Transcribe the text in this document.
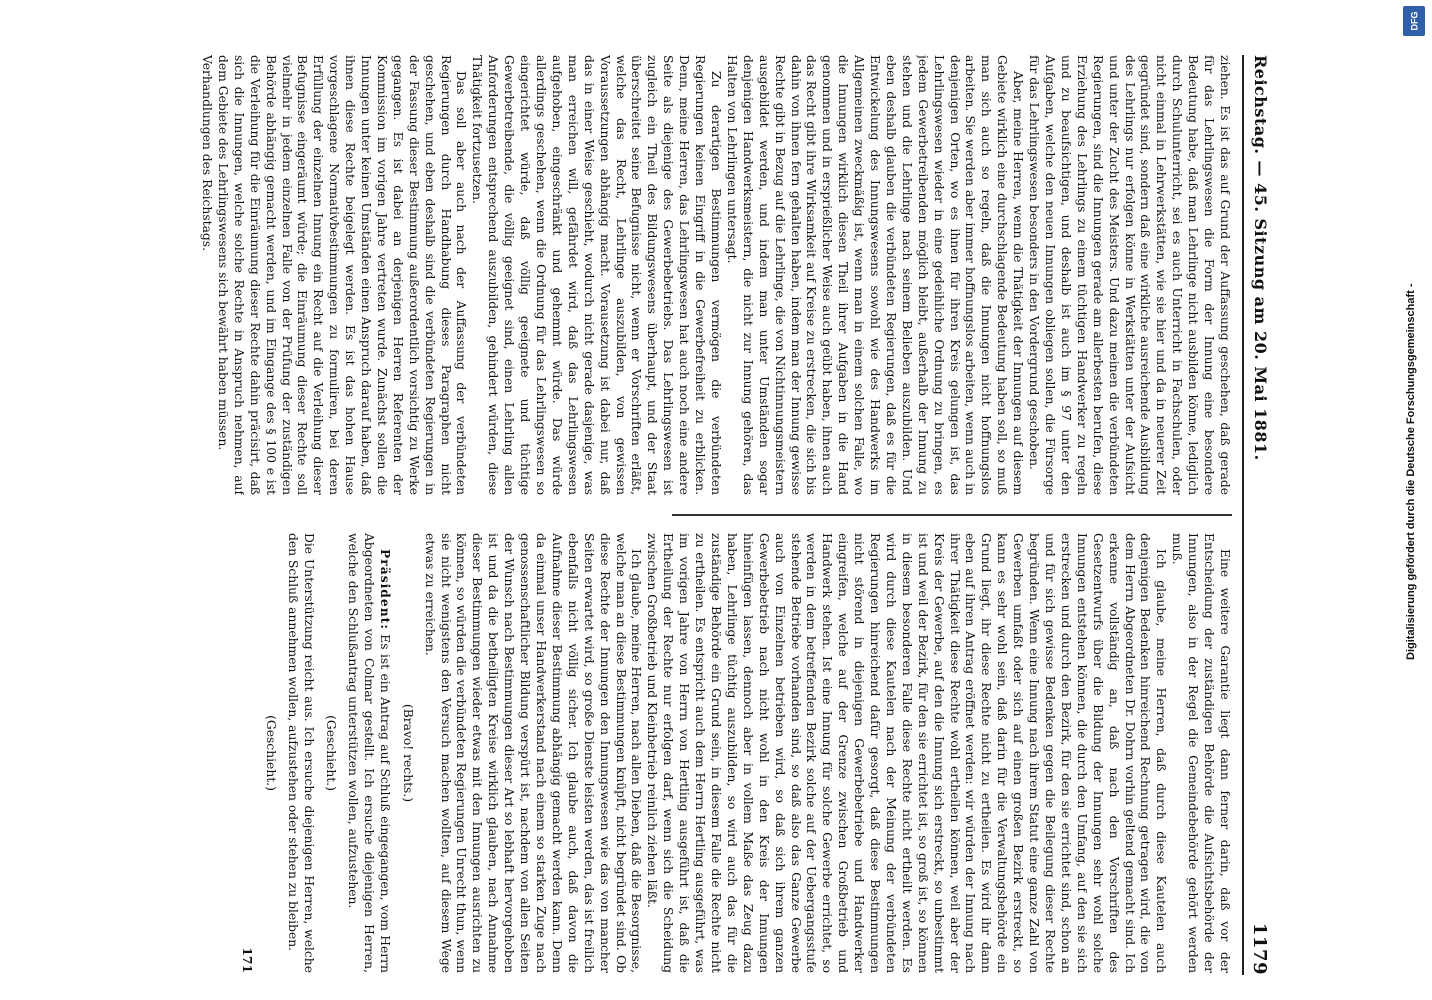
Reichstag. — 45. Sitzung am 20. Mai 1881.
1179

ziehen. Es ist das auf Grund der Auffassung geschehen, daß gerade für das Lehrlingswesen die Form der Innung eine besondere Bedeutung habe, daß man Lehrlinge nicht ausbilden könne, lediglich durch Schulunterricht, sei es auch Unterricht in Fachschulen, oder nicht einmal in Lehrwerkstätten, wie sie hier und da in neuerer Zeit gegründet sind, sondern daß eine wirkliche ausreichende Ausbildung des Lehrlings nur erfolgen könne in Werkstätten unter der Aufsicht und unter der Zucht des Meisters. Und dazu meinen die verbündeten Regierungen, sind die Innungen gerade am allerbesten berufen, diese Erziehung des Lehrlings zu einem tüchtigen Handwerker zu regeln und zu beaufsichtigen, und deshalb ist auch im § 97 unter den Aufgaben, welche den neuen Innungen obliegen sollen, die Fürsorge für das Lehrlingswesen besonders in den Vordergrund geschoben.

Aber, meine Herren, wenn die Thätigkeit der Innungen auf diesem Gebiete wirklich eine durchschlagende Bedeutung haben soll, so muß man sich auch so regeln, daß die Innungen nicht hoffnungslos arbeiten. Sie werden aber immer hoffnungslos arbeiten, wenn auch in denjenigen Orten, wo es ihnen für ihren Kreis gelungen ist, das Lehrlingswesen wieder in eine gedeihliche Ordnung zu bringen, es jedem Gewerbetreibenden möglich bleibt, außerhalb der Innung zu stehen und die Lehrlinge nach seinem Belieben auszubilden. Und eben deshalb glauben die verbündeten Regierungen, daß es für die Entwickelung des Innungswesens sowohl wie des Handwerks im Allgemeinen zweckmäßig ist, wenn man in einem solchen Falle, wo die Innungen wirklich diesen Theil ihrer Aufgaben in die Hand genommen und in ersprießlicher Weise auch geübt haben, ihnen auch das Recht gibt ihre Wirksamkeit auf Kreise zu erstrecken, die sich bis dahin von ihnen fern gehalten haben, indem man der Innung gewisse Rechte gibt in Bezug auf die Lehrlinge, die von Nichtinnungsmeistern ausgebildet werden, und indem man unter Umständen sogar denjenigen Handwerksmeistern, die nicht zur Innung gehören, das Halten von Lehrlingen untersagt.

Zu derartigen Bestimmungen vermögen die verbündeten Regierungen keinen Eingriff in die Gewerbefreiheit zu erblicken. Denn, meine Herren, das Lehrlingswesen hat auch noch eine andere Seite als diejenige des Gewerbebetriebs. Das Lehrlingswesen ist zugleich ein Theil des Bildungswesens überhaupt, und der Staat überschreitet seine Befugnisse nicht, wenn er Vorschriften erläßt, welche das Recht, Lehrlinge auszubilden, von gewissen Voraussetzungen abhängig macht. Vorausetzung ist dabei nur, daß das in einer Weise geschieht, wodurch nicht gerade dasjenige, was man erreichen will, gefährdet wird, daß das Lehrlingswesen aufgehoben, eingeschränkt und gehemmt würde. Das würde allerdings geschehen, wenn die Ordnung für das Lehrlingswesen so eingerichtet würde, daß völlig geeignete und tüchtige Gewerbetreibende, die völlig geeignet sind, einen Lehrling allen Anforderungen entsprechend auszubilden, gehindert würden, diese Thätigkeit fortzusetzen.

Das soll aber auch nach der Auffassung der verbündeten Regierungen durch Handhabung dieses Paragraphen nicht geschehen, und eben deshalb sind die verbündeten Regierungen in der Fassung dieser Bestimmung außerordentlich vorsichtig zu Werke gegangen. Es ist dabei an derjenigen Herren Referenten der Kommission im vorigen Jahre vertreten wurde. Zunächst sollen die Innungen unter keinen Umständen einen Anspruch darauf haben, daß ihnen diese Rechte beigelegt werden. Es ist das hohen Hause vorgeschlagene Normativbestimmungen zu formuliren, bei deren Erfüllung der einzelnen Innung ein Recht auf die Verleihung dieser Befugnisse eingeräumt würde; die Einräumung dieser Rechte soll vielmehr in jedem einzelnen Falle von der Prüfung der zuständigen Behörde abhängig gemacht werden, und im Eingange des § 100 e ist die Verleihung für die Einräumung dieser Rechte dahin präcisirt, daß sich die Innungen, welche solche Rechte in Anspruch nehmen, auf dem Gebiete des Lehrlingswesens sich bewährt haben müssen.

Verhandlungen des Reichstags.

Eine weitere Garantie liegt dann ferner darin, daß vor der Entscheidung der zuständigen Behörde die Aufsichtsbehörde der Innungen, also in der Regel die Gemeindebehörde gehört werden muß.

Ich glaube, meine Herren, daß durch diese Kautelen auch denjenigen Bedenken hinreichend Rechnung getragen wird, die von dem Herrn Abgeordneten Dr. Dohrn vorhin geltend gemacht sind. Ich erkenne vollständig an, daß nach den Vorschriften des Gesetzentwurfs über die Bildung der Innungen sehr wohl solche Innungen entstehen können, die durch den Umfang, auf den sie sich erstrecken und durch den Bezirk, für den sie errichtet sind, schon an und für sich gewisse Bedenken gegen die Beilegung dieser Rechte begründen. Wenn eine Innung nach ihrem Statut eine ganze Zahl von Gewerben umfaßt oder sich auf einen großen Bezirk erstreckt, so kann es sehr wohl sein, daß darin für die Verwaltungsbehörde ein Grund liegt, ihr diese Rechte nicht zu ertheilen. Es wird ihr dann eben auf ihren Antrag eröffnet werden: wir würden der Innung nach ihrer Thätigkeit diese Rechte wohl ertheilen können, weil aber der Kreis der Gewerbe, auf den die Innung sich erstreckt, so unbestimmt ist und weil der Bezirk, für den sie errichtet ist, so groß ist, so können in diesem besonderen Falle diese Rechte nicht ertheilt werden. Es wird durch diese Kautelen nach der Meinung der verbündeten Regierungen hinreichend dafür gesorgt, daß diese Bestimmungen nicht störend in diejenigen Gewerbebetriebe und Handwerker eingreifen, welche auf der Grenze zwischen Großbetrieb und Handwerk stehen. Ist eine Innung für solche Gewerbe errichtet, so werden in dem betreffenden Bezirk solche auf der Uebergangsstufe stehende Betriebe vorhanden sind, so daß also das Ganze Gewerbe auch von Einzelnen betrieben wird, so daß sich ihrem ganzen Gewerbebetrieb nach nicht wohl in den Kreis der Innungen hineinfügen lassen, dennoch aber in vollem Maße das Zeug dazu haben, Lehrlinge tüchtig auszubilden, so wird auch das für die zuständige Behörde ein Grund sein, in diesem Falle die Rechte nicht zu ertheilen. Es entspricht auch dem Herrn Hertling ausgeführt, was im vorigen Jahre von Herrn von Hertling ausgeführt ist, daß die Ertheilung der Rechte nur erfolgen darf, wenn sich die Scheidung zwischen Großbetrieb und Kleinbetrieb reinlich ziehen läßt.

Ich glaube, meine Herren, nach allen Dieben, daß die Besorgnisse, welche man an diese Bestimmungen knüpft, nicht begründet sind. Ob diese Rechte der Innungen den Innungswesen wie das von mancher Seiten erwartet wird, so große Dienste leisten werden, das ist freilich ebenfalls nicht völlig sicher. Ich glaube auch, daß davon die Aufnahme dieser Bestimmung abhängig gemacht werden kann. Denn da einmal unser Handwerkerstand nach einem so starken Zuge nach genossenschaftlicher Bildung verspürt ist, nachdem von allen Seiten der Wunsch nach Bestimmungen dieser Art so lebhaft hervorgehoben ist und da die betheiligten Kreise wirklich glauben, nach Annahme dieser Bestimmungen wieder etwas mit den Innungen ausrichten zu können, so würden die verbündeten Regierungen Unrecht thun, wenn sie nicht wenigstens den Versuch machen wollten, auf diesem Wege etwas zu erreichen.

(Bravo! rechts.)

Präsident: Es ist ein Antrag auf Schluß eingegangen, vom Herrn Abgeordneten von Colmar gestellt. Ich ersuche diejenigen Herren, welche den Schlußantrag unterstützen wollen, aufzustehen.

(Geschieht.)

Die Unterstützung reicht aus. Ich ersuche diejenigen Herren, welche den Schluß annehmen wollen, aufzustehen oder stehen zu bleiben.

(Geschieht.)

171

DFG
Digitalisierung gefördert durch die Deutsche Forschungsgemeinschaft -
